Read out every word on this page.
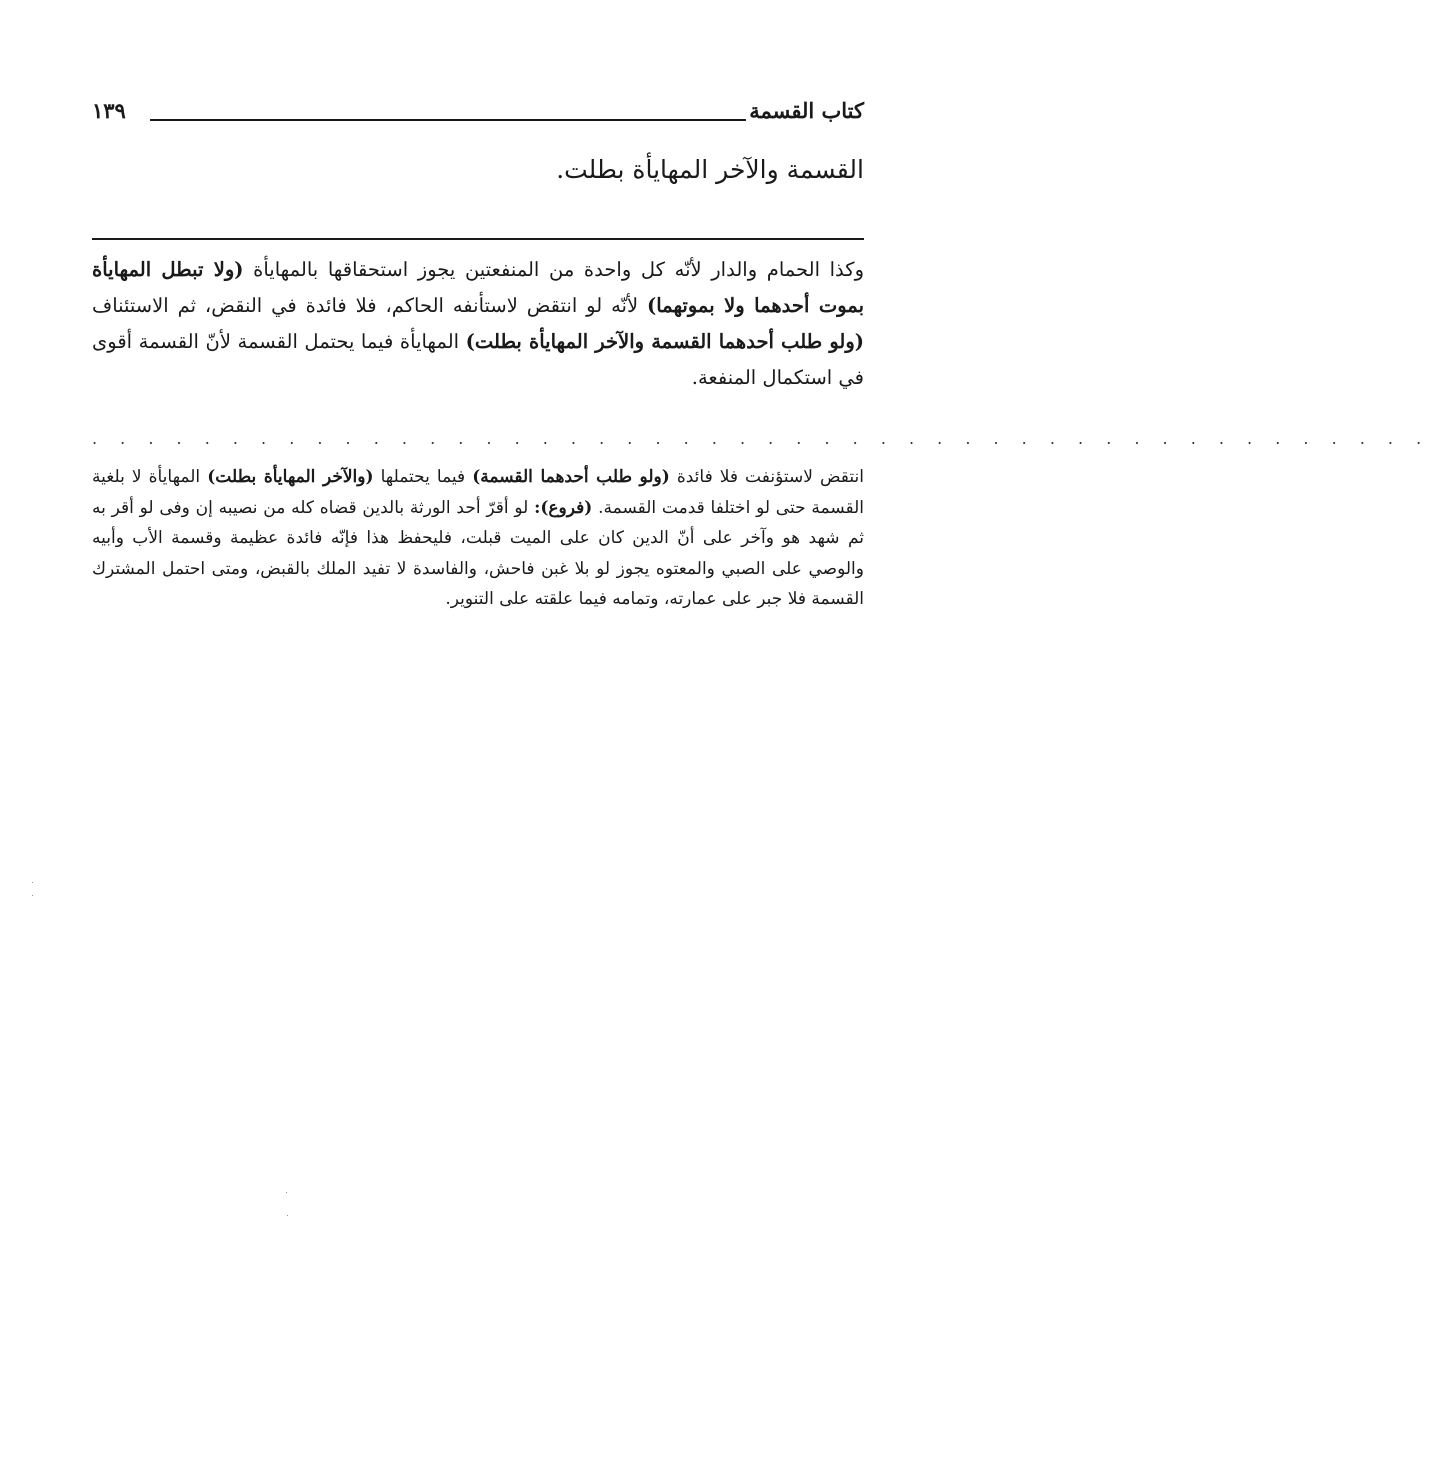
كتاب القسمة
١٣٩
القسمة والآخر المهايأة بطلت.
وكذا الحمام والدار لأنّه كل واحدة من المنفعتين يجوز استحقاقها بالمهايأة (ولا تبطل المهايأة بموت أحدهما ولا بموتهما) لأنّه لو انتقض لاستأنفه الحاكم، فلا فائدة في النقض، ثم الاستئناف (ولو طلب أحدهما القسمة والآخر المهايأة بطلت) المهايأة فيما يحتمل القسمة لأنّ القسمة أقوى في استكمال المنفعة.
. . . . . . . . . . . . . . . . . . . . . . . . . . . . . . . . . . . . . . . . . . . . . . . .
انتقض لاستؤنفت فلا فائدة (ولو طلب أحدهما القسمة) فيما يحتملها (والآخر المهايأة بطلت) المهايأة لا بلغية القسمة حتى لو اختلفا قدمت القسمة. (فروع): لو أقرّ أحد الورثة بالدين قضاه كله من نصيبه إن وفى لو أقر به ثم شهد هو وآخر على أنّ الدين كان على الميت قبلت، فليحفظ هذا فإنّه فائدة عظيمة وقسمة الأب وأبيه والوصي على الصبي والمعتوه يجوز لو بلا غبن فاحش، والفاسدة لا تفيد الملك بالقبض، ومتى احتمل المشترك القسمة فلا جبر على عمارته، وتمامه فيما علقته على التنوير.
